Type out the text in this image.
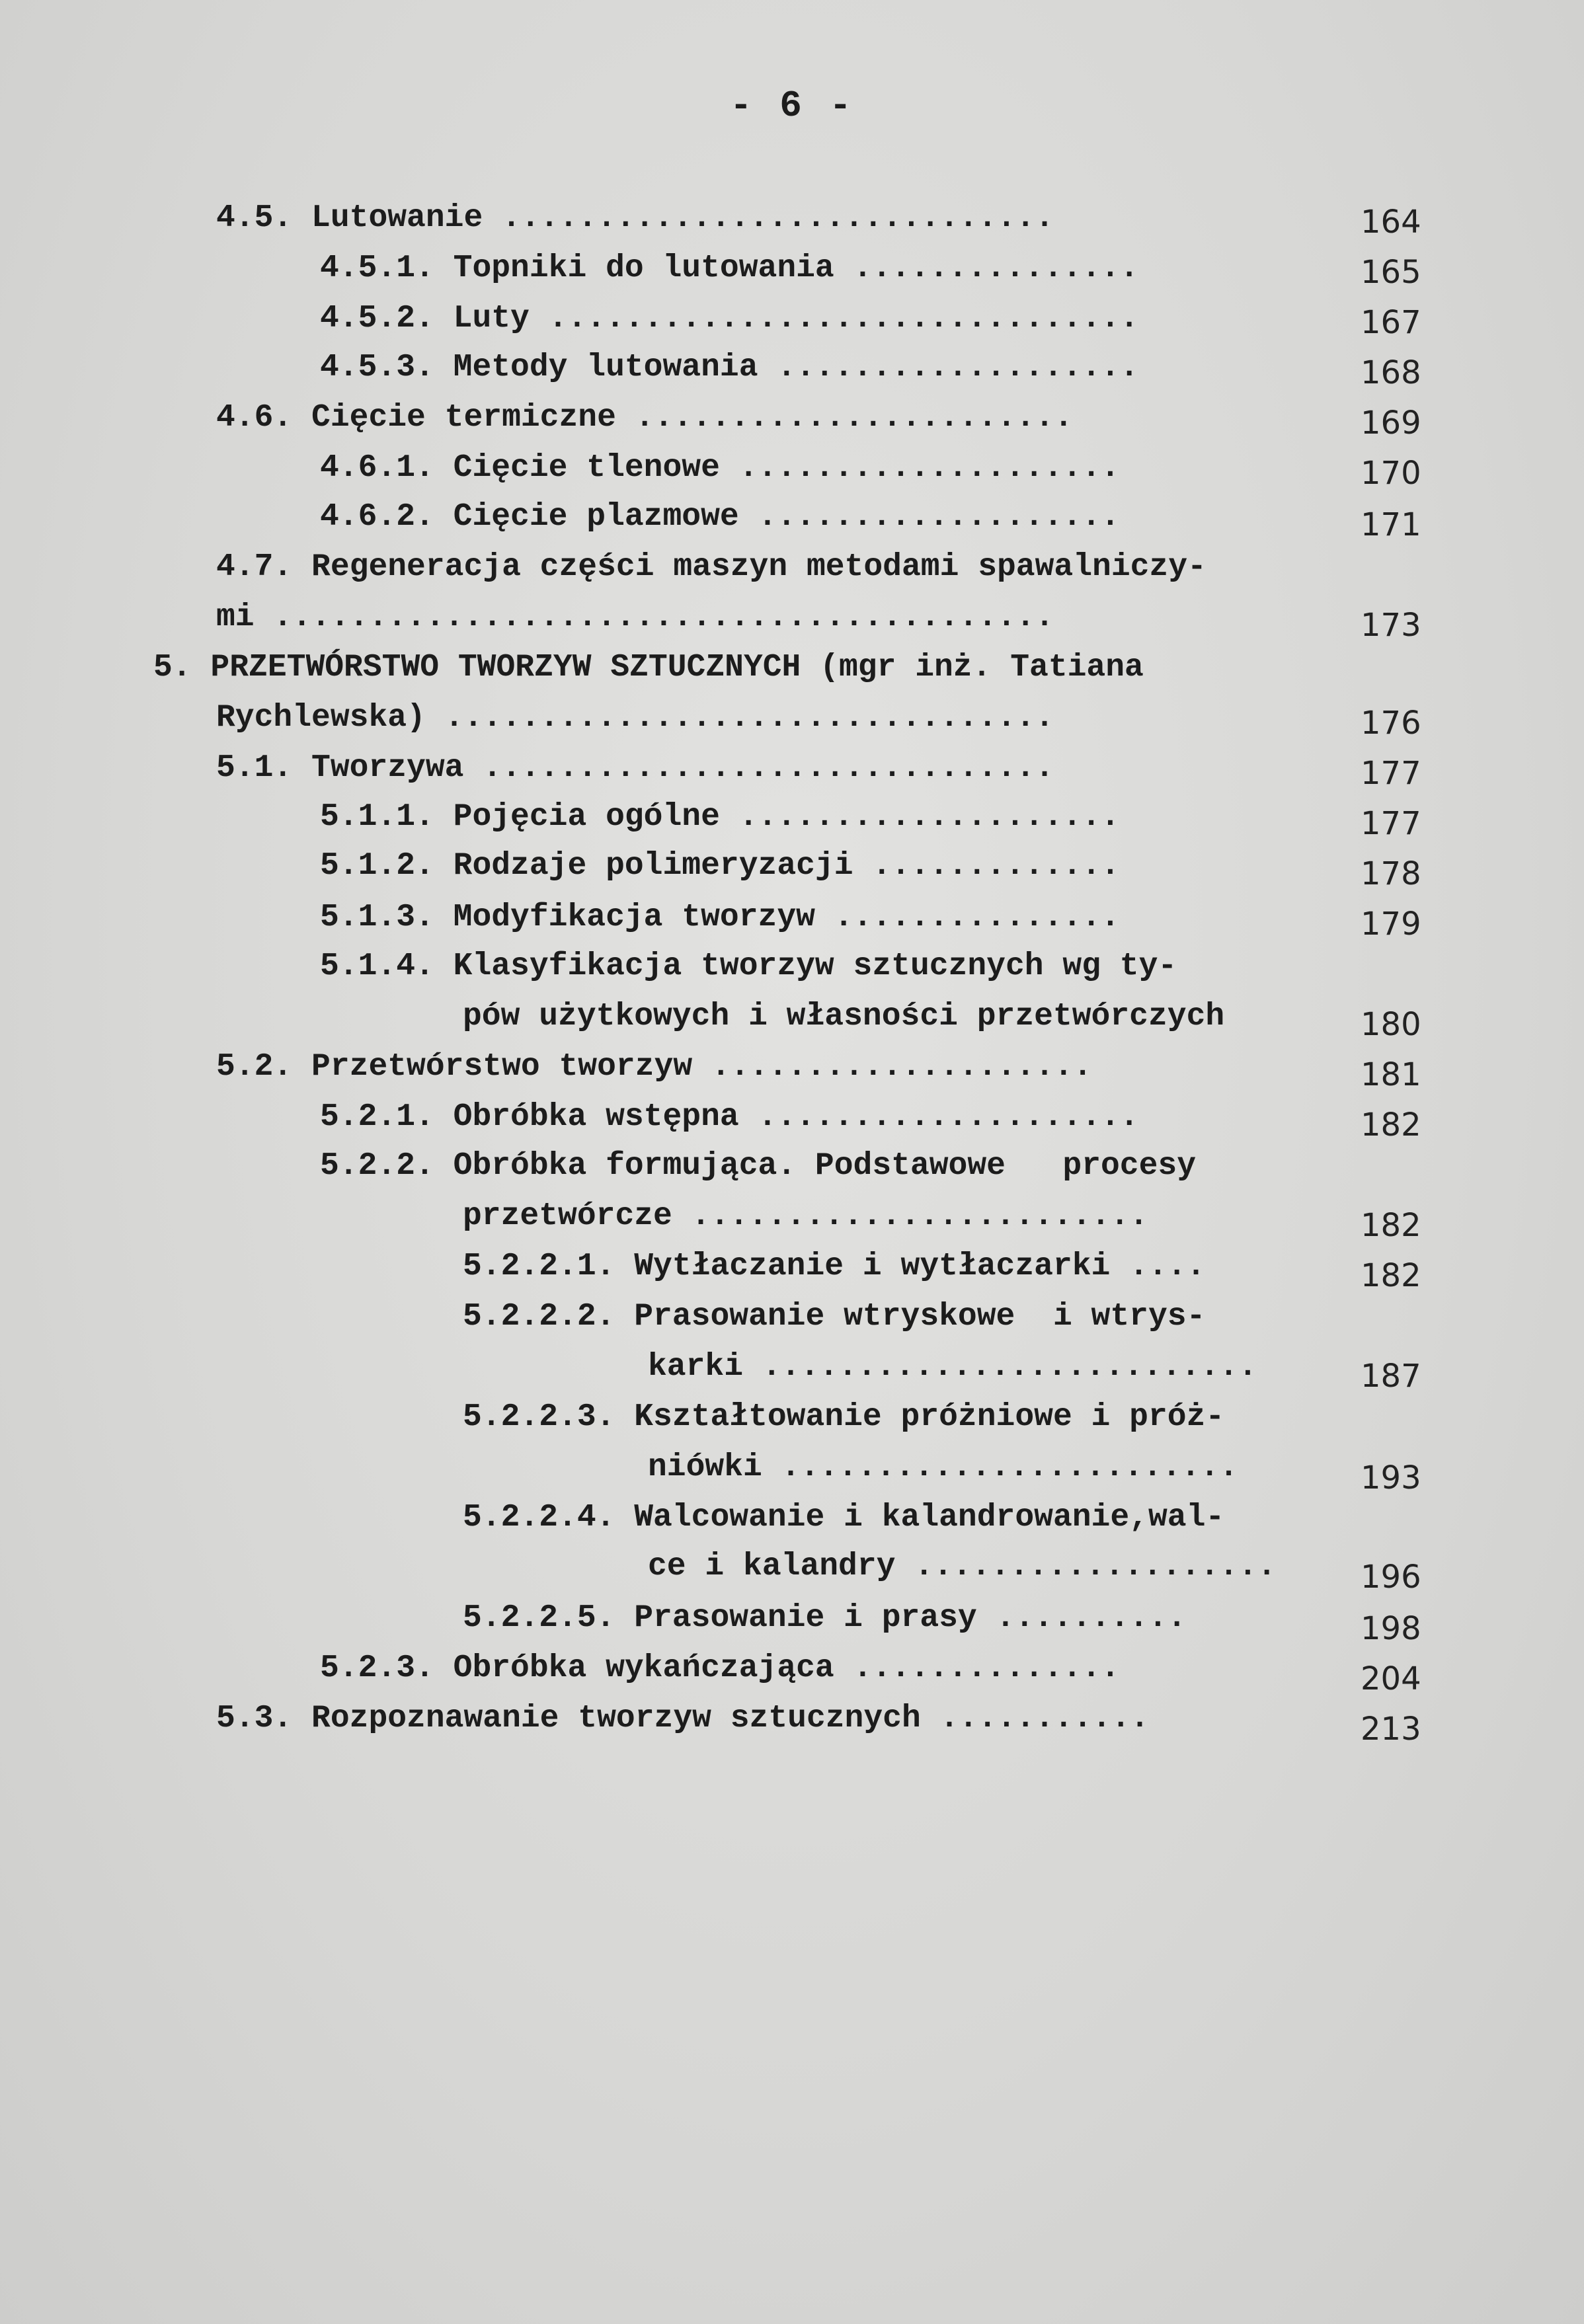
- 6 -
4.5. Lutowanie .............................	164
4.5.1. Topniki do lutowania ...............	165
4.5.2. Luty ...............................	167
4.5.3. Metody lutowania ...................	168
4.6. Cięcie termiczne .......................	169
4.6.1. Cięcie tlenowe ....................	170
4.6.2. Cięcie plazmowe ...................	171
4.7. Regeneracja części maszyn metodami spawalniczy-
mi .........................................	173
5. PRZETWÓRSTWO TWORZYW SZTUCZNYCH (mgr inż. Tatiana
Rychlewska) ................................	176
5.1. Tworzywa ..............................	177
5.1.1. Pojęcia ogólne ....................	177
5.1.2. Rodzaje polimeryzacji .............	178
5.1.3. Modyfikacja tworzyw ...............	179
5.1.4. Klasyfikacja tworzyw sztucznych wg ty-
pów użytkowych i własności przetwórczych	180
5.2. Przetwórstwo tworzyw ....................	181
5.2.1. Obróbka wstępna ....................	182
5.2.2. Obróbka formująca. Podstawowe   procesy
przetwórcze ........................	182
5.2.2.1. Wytłaczanie i wytłaczarki ....	182
5.2.2.2. Prasowanie wtryskowe  i wtrys-
karki ..........................	187
5.2.2.3. Kształtowanie próżniowe i próż-
niówki ........................	193
5.2.2.4. Walcowanie i kalandrowanie,wal-
ce i kalandry ...................	196
5.2.2.5. Prasowanie i prasy ..........	198
5.2.3. Obróbka wykańczająca ..............	204
5.3. Rozpoznawanie tworzyw sztucznych ...........	213
